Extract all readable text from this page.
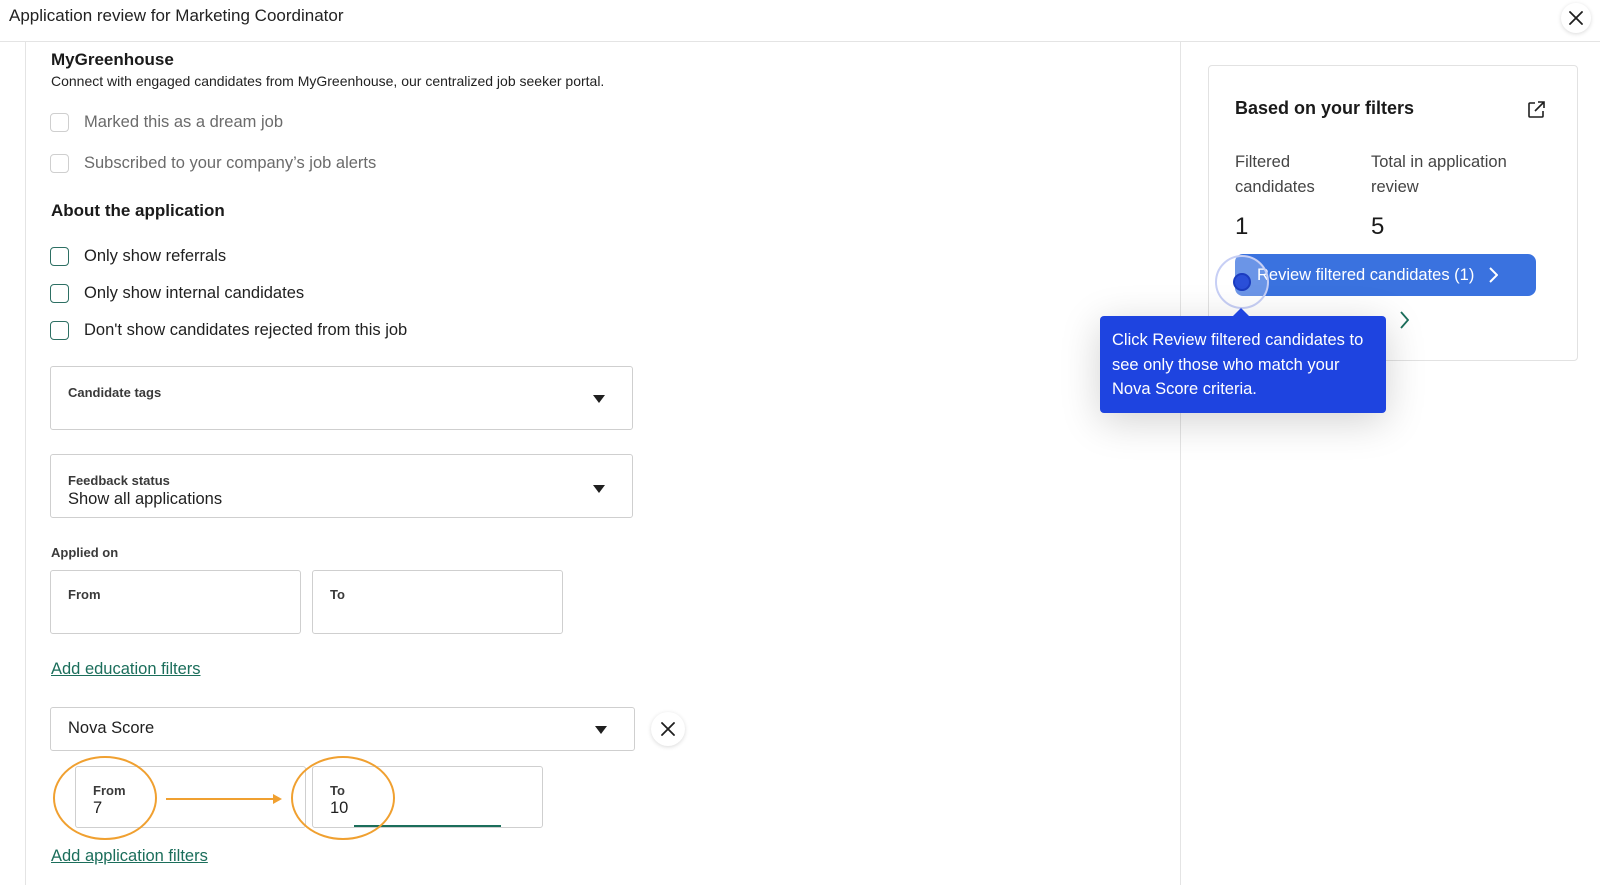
Application review for Marketing Coordinator
MyGreenhouse
Connect with engaged candidates from MyGreenhouse, our centralized job seeker portal.
Marked this as a dream job
Subscribed to your company’s job alerts
About the application
Only show referrals
Only show internal candidates
Don't show candidates rejected from this job
Candidate tags
Feedback status
Show all applications
Applied on
From	To
Add education filters
Nova Score
From
7
To
10
Add application filters
Based on your filters
Filtered
candidates
Total in application
review
1	5
Review filtered candidates (1)
Click Review filtered candidates to see only those who match your Nova Score criteria.
